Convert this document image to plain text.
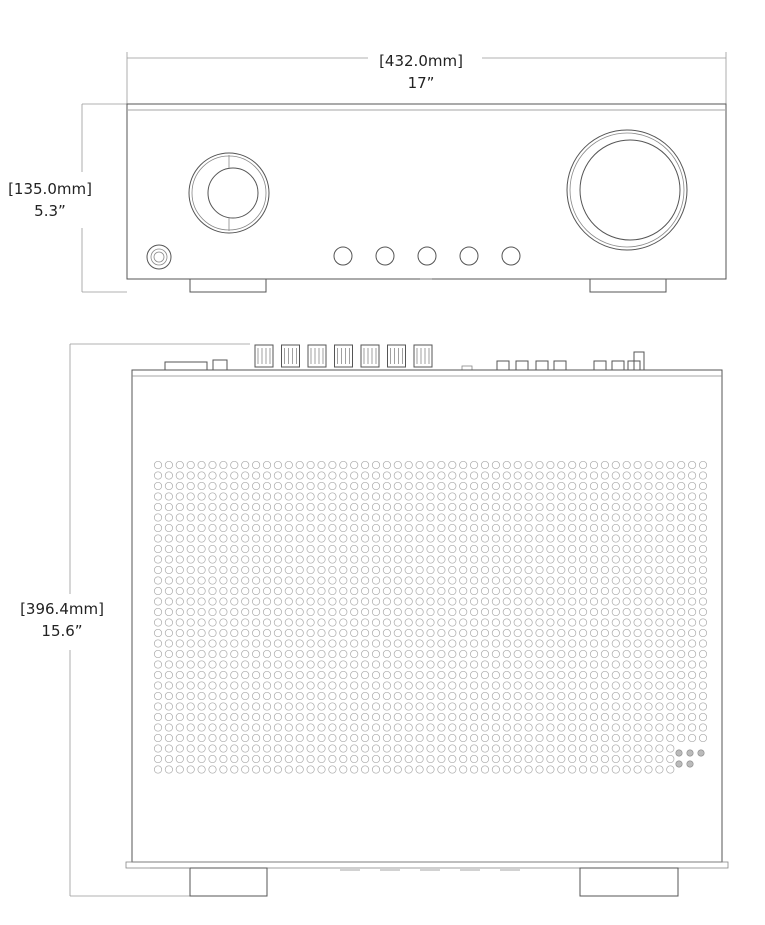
[432.0mm]
17”
[135.0mm]
5.3”
[396.4mm]
15.6”
